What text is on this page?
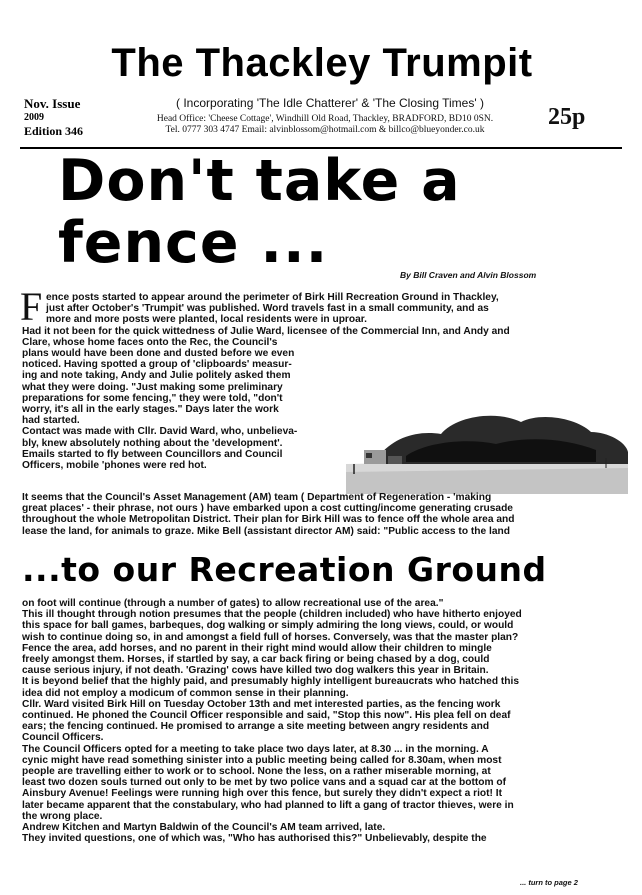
The Thackley Trumpit
Nov. Issue
2009
Edition 346
( Incorporating 'The Idle Chatterer' & 'The Closing Times' )
Head Office: 'Cheese Cottage', Windhill Old Road, Thackley, BRADFORD, BD10 0SN.
Tel. 0777 303 4747 Email: alvinblossom@hotmail.com & billco@blueyonder.co.uk	25p
Don't take a
fence ...	By Bill Craven and Alvin Blossom
F ence posts started to appear around the perimeter of Birk Hill Recreation Ground in Thackley,
just after October's 'Trumpit' was published. Word travels fast in a small community, and as
more and more posts were planted, local residents were in uproar.
Had it not been for the quick wittedness of Julie Ward, licensee of the Commercial Inn, and Andy and
Clare, whose home faces onto the Rec, the Council's
plans would have been done and dusted before we even
noticed. Having spotted a group of 'clipboards' measur-
ing and note taking, Andy and Julie politely asked them
what they were doing. "Just making some preliminary
preparations for some fencing," they were told, "don't
worry, it's all in the early stages." Days later the work
had started.
Contact was made with Cllr. David Ward, who, unbelieva-
bly, knew absolutely nothing about the 'development'.
Emails started to fly between Councillors and Council
Officers, mobile 'phones were red hot.
It seems that the Council's Asset Management (AM) team ( Department of Regeneration - 'making
great places' - their phrase, not ours ) have embarked upon a cost cutting/income generating crusade
throughout the whole Metropolitan District. Their plan for Birk Hill was to fence off the whole area and
lease the land, for animals to graze. Mike Bell (assistant director AM) said: "Public access to the land
...to our Recreation Ground
on foot will continue (through a number of gates) to allow recreational use of the area."
This ill thought through notion presumes that the people (children included) who have hitherto enjoyed
this space for ball games, barbeques, dog walking or simply admiring the long views, could, or would
wish to continue doing so, in and amongst a field full of horses. Conversely, was that the master plan?
Fence the area, add horses, and no parent in their right mind would allow their children to mingle
freely amongst them. Horses, if startled by say, a car back firing or being chased by a dog, could
cause serious injury, if not death. 'Grazing' cows have killed two dog walkers this year in Britain.
It is beyond belief that the highly paid, and presumably highly intelligent bureaucrats who hatched this
idea did not employ a modicum of common sense in their planning.
Cllr. Ward visited Birk Hill on Tuesday October 13th and met interested parties, as the fencing work
continued. He phoned the Council Officer responsible and said, "Stop this now". His plea fell on deaf
ears; the fencing continued. He promised to arrange a site meeting between angry residents and
Council Officers.
The Council Officers opted for a meeting to take place two days later, at 8.30 ... in the morning. A
cynic might have read something sinister into a public meeting being called for 8.30am, when most
people are travelling either to work or to school. None the less, on a rather miserable morning, at
least two dozen souls turned out only to be met by two police vans and a squad car at the bottom of
Ainsbury Avenue! Feelings were running high over this fence, but surely they didn't expect a riot! It
later became apparent that the constabulary, who had planned to lift a gang of tractor thieves, were in
the wrong place.
Andrew Kitchen and Martyn Baldwin of the Council's AM team arrived, late.
They invited questions, one of which was, "Who has authorised this?" Unbelievably, despite the
... turn to page 2
